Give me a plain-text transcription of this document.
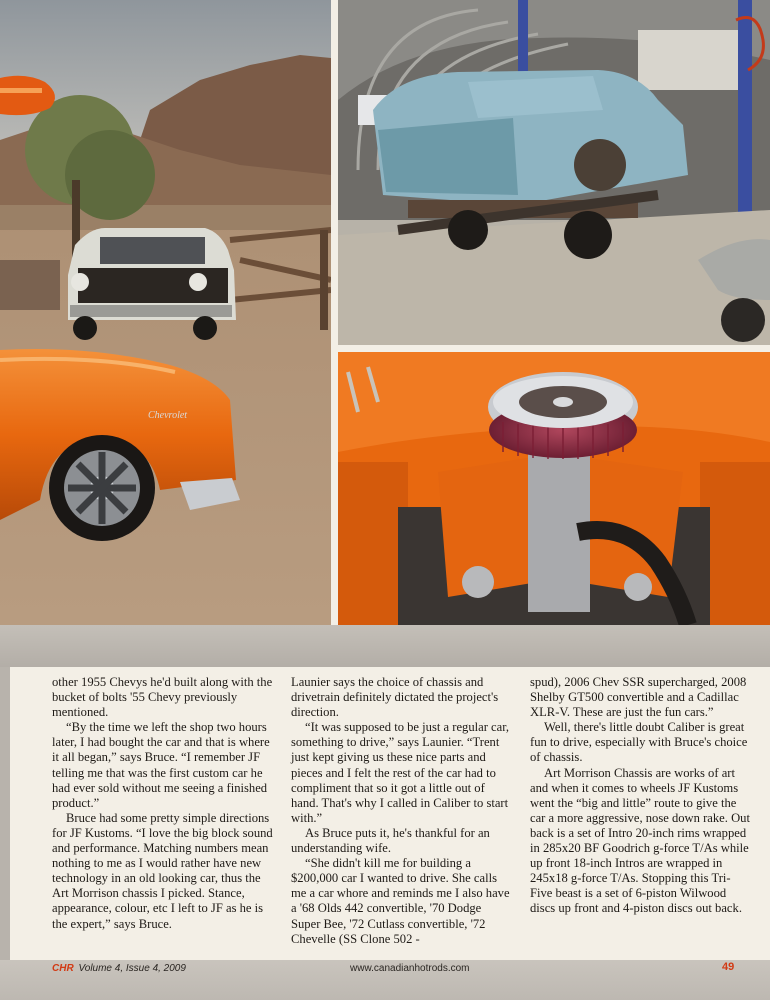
Chevrolet

other 1955 Chevys he'd built along with the bucket of bolts '55 Chevy previously mentioned.

“By the time we left the shop two hours later, I had bought the car and that is where it all began,” says Bruce. “I remember JF telling me that was the first custom car he had ever sold without me seeing a finished product.”

Bruce had some pretty simple directions for JF Kustoms. “I love the big block sound and performance. Matching numbers mean nothing to me as I would rather have new technology in an old looking car, thus the Art Morrison chassis I picked. Stance, appearance, colour, etc I left to JF as he is the expert,” says Bruce.

Launier says the choice of chassis and drivetrain definitely dictated the project's direction.

“It was supposed to be just a regular car, something to drive,” says Launier. “Trent just kept giving us these nice parts and pieces and I felt the rest of the car had to compliment that so it got a little out of hand. That's why I called in Caliber to start with.”

As Bruce puts it, he's thankful for an understanding wife.

“She didn't kill me for building a $200,000 car I wanted to drive. She calls me a car whore and reminds me I also have a '68 Olds 442 convertible, '70 Dodge Super Bee, '72 Cutlass convertible, '72 Chevelle (SS Clone 502 -

spud), 2006 Chev SSR supercharged, 2008 Shelby GT500 convertible and a Cadillac XLR-V. These are just the fun cars.”

Well, there's little doubt Caliber is great fun to drive, especially with Bruce's choice of chassis.

Art Morrison Chassis are works of art and when it comes to wheels JF Kustoms went the “big and little” route to give the car a more aggressive, nose down rake. Out back is a set of Intro 20-inch rims wrapped in 285x20 BF Goodrich g-force T/As while up front 18-inch Intros are wrapped in 245x18 g-force T/As. Stopping this Tri-Five beast is a set of 6-piston Wilwood discs up front and 4-piston discs out back.

CHR Volume 4, Issue 4, 2009	www.canadianhotrods.com	49
